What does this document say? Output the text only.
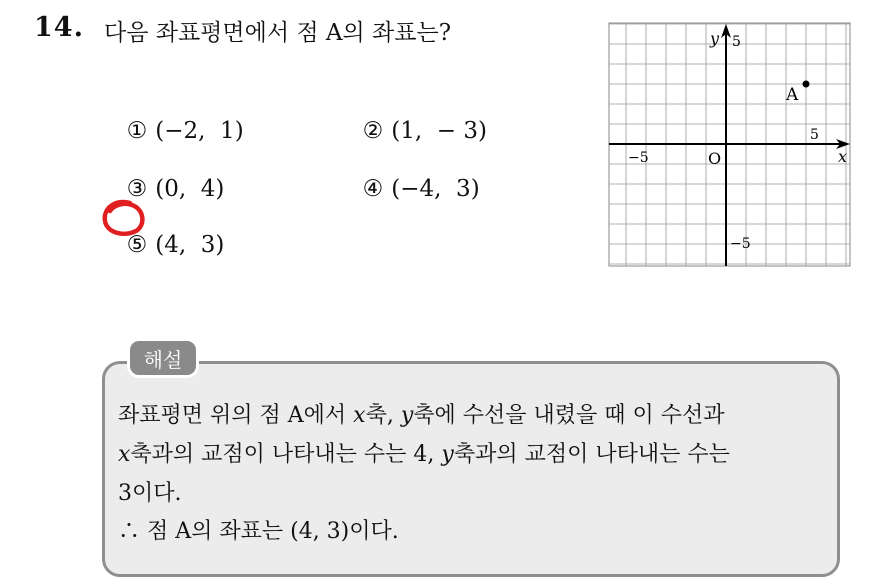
14. 다음 좌표평면에서 점 A의 좌표는?

① (−2,  1)	② (1,  − 3)

③ (0,  4)	④ (−4,  3)

⑤ (4,  3)

x
y
O
5
−5
5
−5
A
해설
좌표평면 위의 점 A에서 x축, y축에 수선을 내렸을 때 이 수선과
x축과의 교점이 나타내는 수는 4, y축과의 교점이 나타내는 수는
3이다.
∴ 점 A의 좌표는 (4, 3)이다.
